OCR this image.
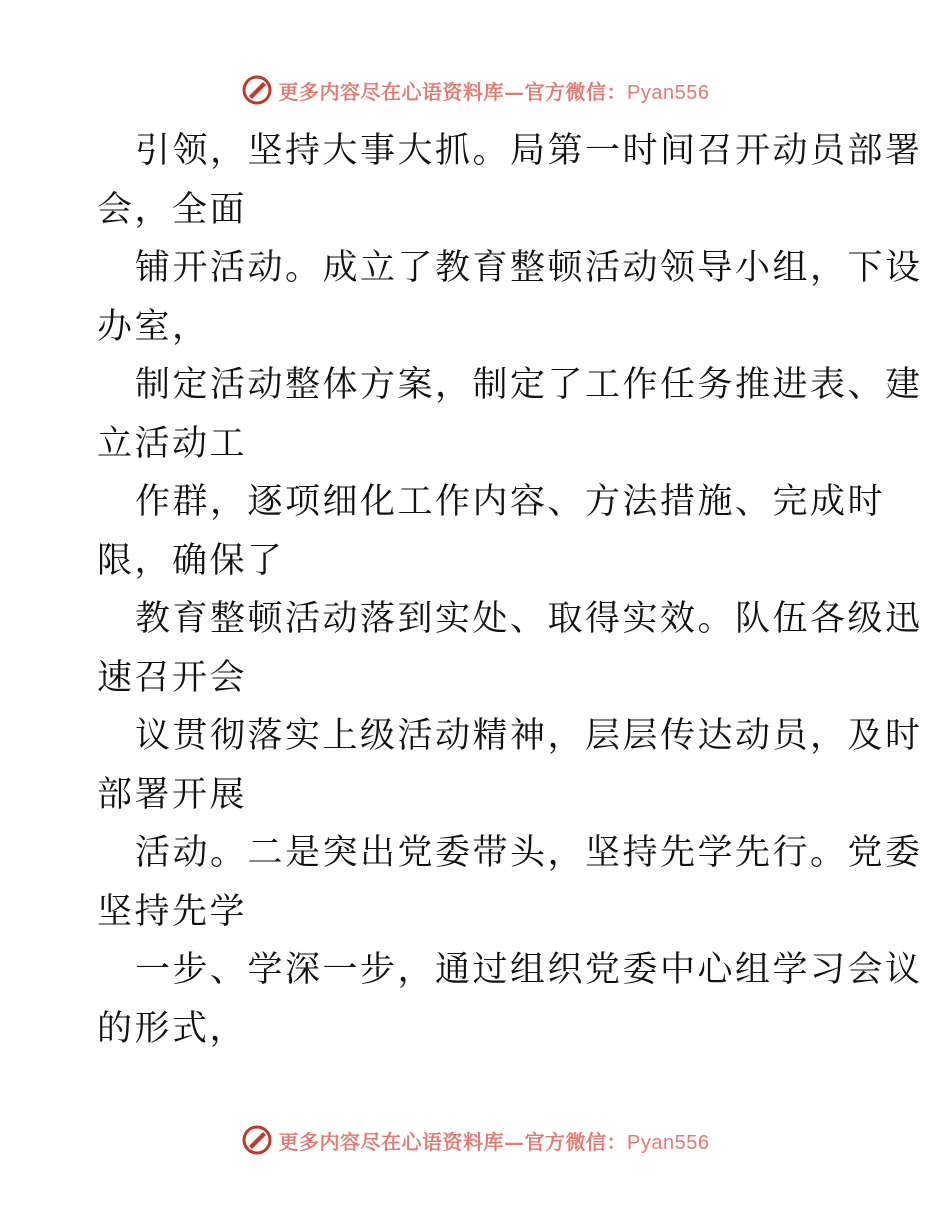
更多内容尽在心语资料库—官方微信：Pyan556
引领，坚持大事大抓。局第一时间召开动员部署
会，全面
铺开活动。成立了教育整顿活动领导小组，下设
办室，
制定活动整体方案，制定了工作任务推进表、建
立活动工
作群，逐项细化工作内容、方法措施、完成时
限，确保了
教育整顿活动落到实处、取得实效。队伍各级迅
速召开会
议贯彻落实上级活动精神，层层传达动员，及时
部署开展
活动。二是突出党委带头，坚持先学先行。党委
坚持先学
一步、学深一步，通过组织党委中心组学习会议
的形式，
更多内容尽在心语资料库—官方微信：Pyan556
